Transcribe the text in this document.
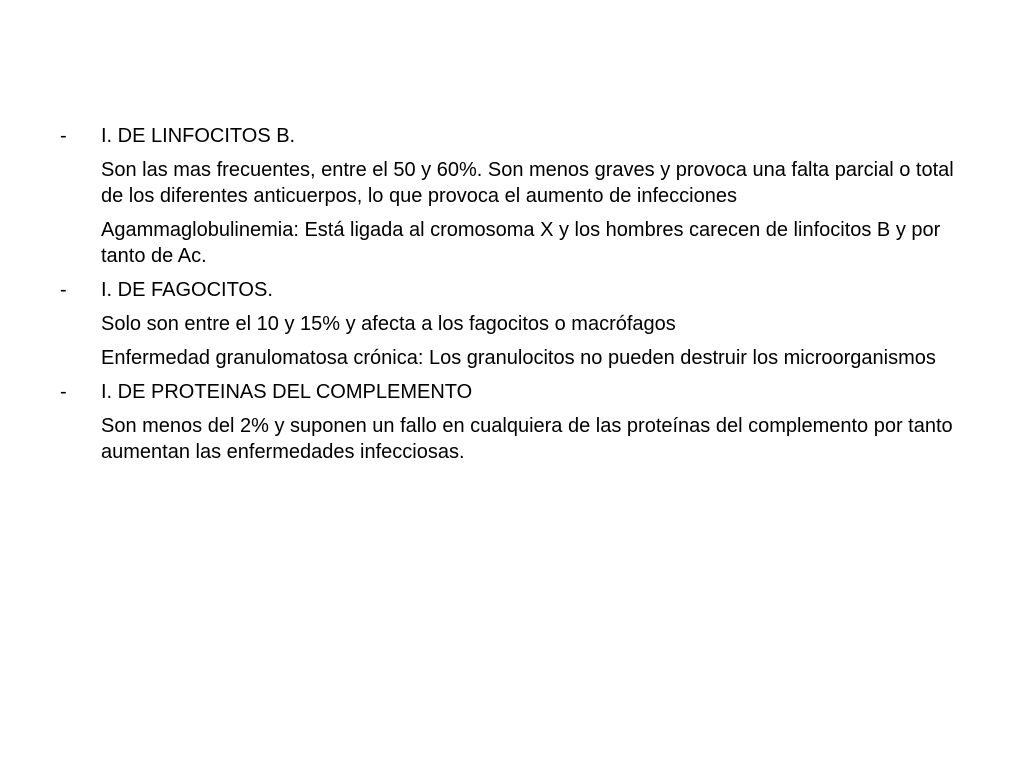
- I. DE LINFOCITOS B.
Son las mas frecuentes, entre el 50 y 60%. Son menos graves y provoca una falta parcial o total de los diferentes anticuerpos, lo que provoca el aumento de infecciones
Agammaglobulinemia: Está ligada al cromosoma X y los hombres carecen de linfocitos B y por tanto de Ac.
- I. DE FAGOCITOS.
Solo son entre el 10 y 15% y afecta a los fagocitos o macrófagos
Enfermedad granulomatosa crónica: Los granulocitos no pueden destruir los microorganismos
- I. DE PROTEINAS DEL COMPLEMENTO
Son menos del 2% y suponen un fallo en cualquiera de las proteínas del complemento por tanto aumentan las enfermedades infecciosas.
